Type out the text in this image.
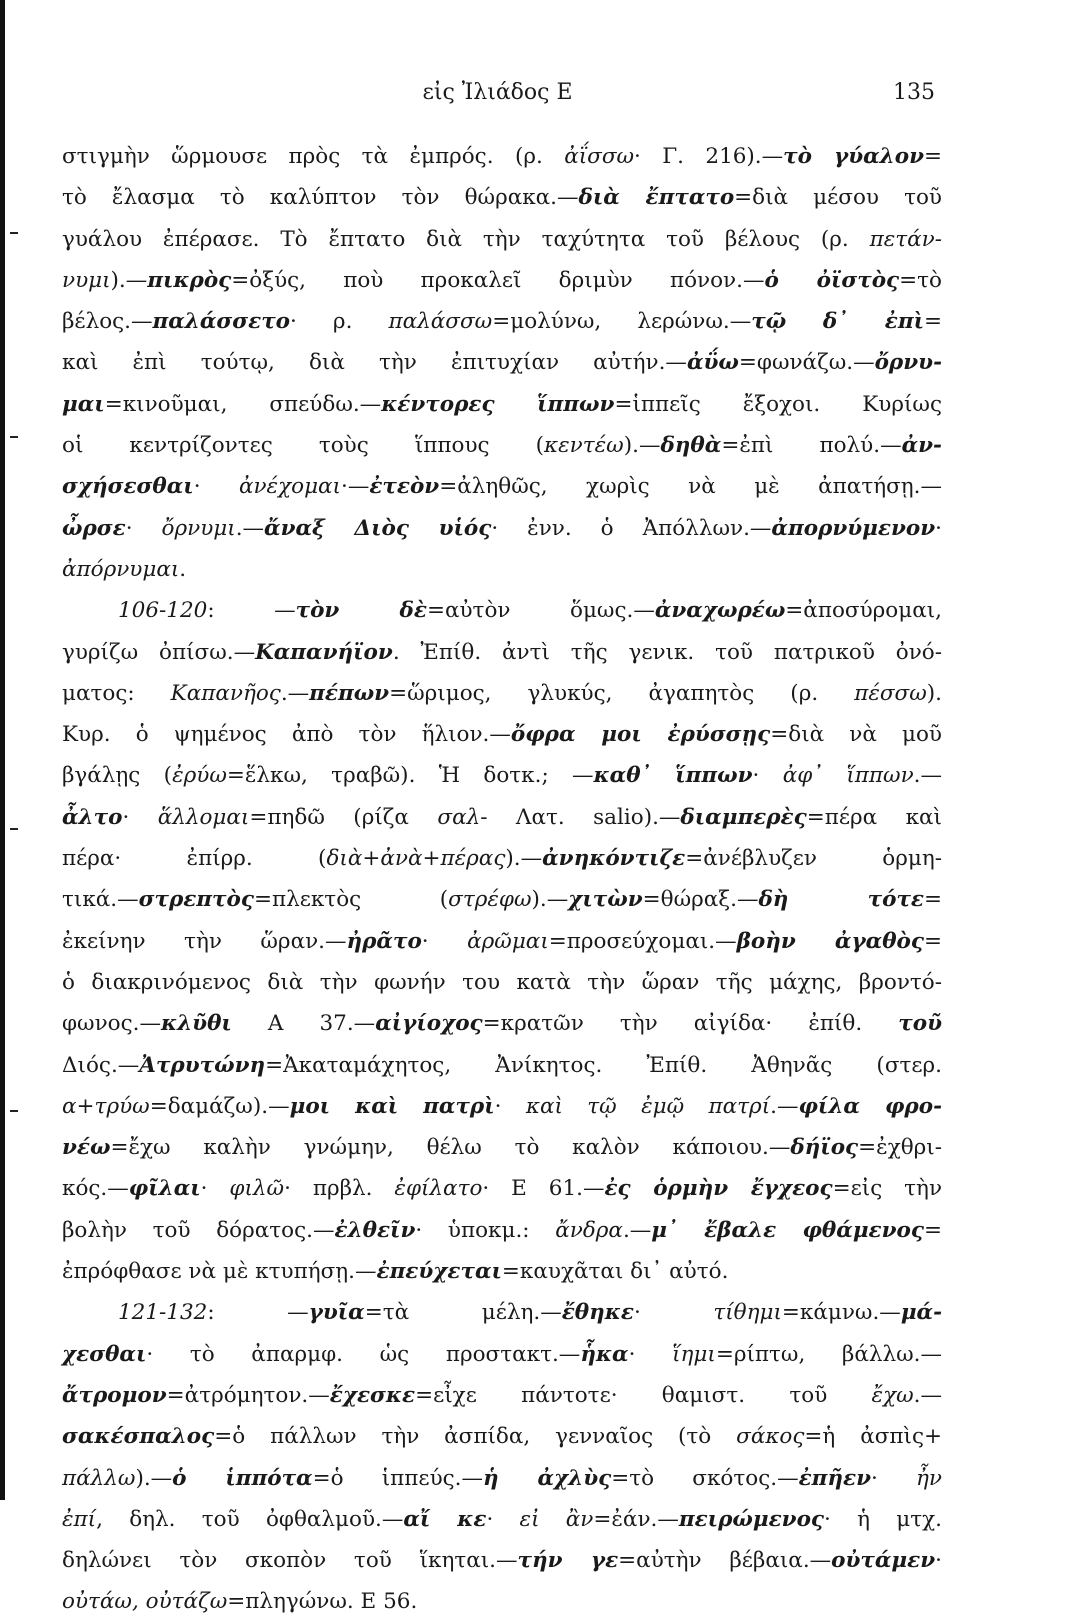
εἰς Ἰλιάδος Ε	135
στιγμὴν ὥρμουσε πρὸς τὰ ἐμπρός. (ρ. ἀΐσσω· Γ. 216).—τὸ γύαλον=
τὸ ἔλασμα τὸ καλύπτον τὸν θώρακα.—διὰ ἔπτατο=διὰ μέσου τοῦ
γυάλου ἐπέρασε. Τὸ ἔπτατο διὰ τὴν ταχύτητα τοῦ βέλους (ρ. πετάν-
νυμι).—πικρὸς=ὀξύς, ποὺ προκαλεῖ δριμὺν πόνον.—ὁ ὀϊστὸς=τὸ
βέλος.—παλάσσετο· ρ. παλάσσω=μολύνω, λερώνω.—τῷ δ᾽ ἐπὶ=
καὶ ἐπὶ τούτῳ, διὰ τὴν ἐπιτυχίαν αὐτήν.—ἀΰω=φωνάζω.—ὄρνυ-
μαι=κινοῦμαι, σπεύδω.—κέντορες ἵππων=ἱππεῖς ἔξοχοι. Κυρίως
οἱ κεντρίζοντες τοὺς ἵππους (κεντέω).—δηθὰ=ἐπὶ πολύ.—ἀν-
σχήσεσθαι· ἀνέχομαι·—ἐτεὸν=ἀληθῶς, χωρὶς νὰ μὲ ἀπατήσῃ.—
ὦρσε· ὄρνυμι.—ἄναξ Διὸς υἱός· ἐνν. ὁ Ἀπόλλων.—ἀπορνύμενον·
ἀπόρνυμαι.
106-120: —τὸν δὲ=αὐτὸν ὅμως.—ἀναχωρέω=ἀποσύρομαι,
γυρίζω ὀπίσω.—Καπανήϊον. Ἐπίθ. ἀντὶ τῆς γενικ. τοῦ πατρικοῦ ὀνό-
ματος: Καπανῆος.—πέπων=ὥριμος, γλυκύς, ἀγαπητὸς (ρ. πέσσω).
Κυρ. ὁ ψημένος ἀπὸ τὸν ἥλιον.—ὄφρα μοι ἐρύσσῃς=διὰ νὰ μοῦ
βγάλῃς (ἐρύω=ἕλκω, τραβῶ). Ἡ δοτκ.; —καθ᾽ ἵππων· ἀφ᾽ ἵππων.—
ἆλτο· ἅλλομαι=πηδῶ (ρίζα σαλ- Λατ. salio).—διαμπερὲς=πέρα καὶ
πέρα· ἐπίρρ. (διὰ+ἀνὰ+πέρας).—ἀνηκόντιζε=ἀνέβλυζεν ὁρμη-
τικά.—στρεπτὸς=πλεκτὸς (στρέφω).—χιτὼν=θώραξ.—δὴ τότε=
ἐκείνην τὴν ὥραν.—ἠρᾶτο· ἀρῶμαι=προσεύχομαι.—βοὴν ἀγαθὸς=
ὁ διακρινόμενος διὰ τὴν φωνήν του κατὰ τὴν ὥραν τῆς μάχης, βροντό-
φωνος.—κλῦθι Α 37.—αἰγίοχος=κρατῶν τὴν αἰγίδα· ἐπίθ. τοῦ
Διός.—Ἀτρυτώνη=Ἀκαταμάχητος, Ἀνίκητος. Ἐπίθ. Ἀθηνᾶς (στερ.
α+τρύω=δαμάζω).—μοι καὶ πατρὶ· καὶ τῷ ἐμῷ πατρί.—φίλα φρο-
νέω=ἔχω καλὴν γνώμην, θέλω τὸ καλὸν κάποιου.—δήϊος=ἐχθρι-
κός.—φῖλαι· φιλῶ· πρβλ. ἐφίλατο· Ε 61.—ἐς ὁρμὴν ἔγχεος=εἰς τὴν
βολὴν τοῦ δόρατος.—ἐλθεῖν· ὑποκμ.: ἄνδρα.—μ᾽ ἔβαλε φθάμενος=
ἐπρόφθασε νὰ μὲ κτυπήσῃ.—ἐπεύχεται=καυχᾶται δι᾽ αὐτό.
121-132: —γυῖα=τὰ μέλη.—ἔθηκε· τίθημι=κάμνω.—μά-
χεσθαι· τὸ ἀπαρμφ. ὡς προστακτ.—ἧκα· ἵημι=ρίπτω, βάλλω.—
ἄτρομον=ἀτρόμητον.—ἔχεσκε=εἶχε πάντοτε· θαμιστ. τοῦ ἔχω.—
σακέσπαλος=ὁ πάλλων τὴν ἀσπίδα, γενναῖος (τὸ σάκος=ἡ ἀσπὶς+
πάλλω).—ὁ ἱππότα=ὁ ἱππεύς.—ἡ ἀχλὺς=τὸ σκότος.—ἐπῆεν· ἦν
ἐπί, δηλ. τοῦ ὀφθαλμοῦ.—αἴ κε· εἰ ἂν=ἐάν.—πειρώμενος· ἡ μτχ.
δηλώνει τὸν σκοπὸν τοῦ ἵκηται.—τήν γε=αὐτὴν βέβαια.—οὐτάμεν·
οὐτάω, οὐτάζω=πληγώνω. Ε 56.
